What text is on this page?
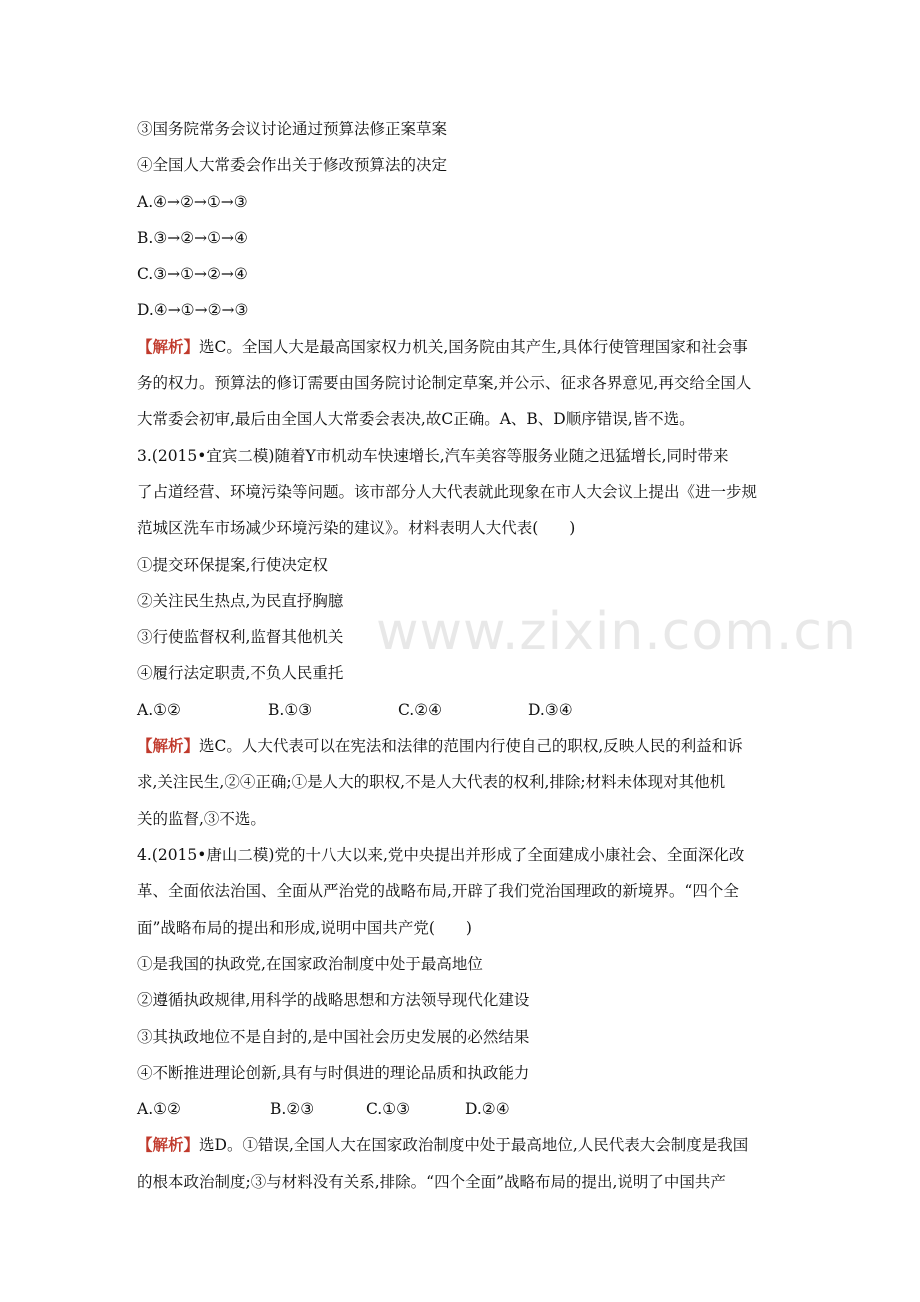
③国务院常务会议讨论通过预算法修正案草案
④全国人大常委会作出关于修改预算法的决定
A.④→②→①→③
B.③→②→①→④
C.③→①→②→④
D.④→①→②→③
【解析】选C。全国人大是最高国家权力机关,国务院由其产生,具体行使管理国家和社会事
务的权力。预算法的修订需要由国务院讨论制定草案,并公示、征求各界意见,再交给全国人
大常委会初审,最后由全国人大常委会表决,故C正确。A、B、D顺序错误,皆不选。
3.(2015•宜宾二模)随着Y市机动车快速增长,汽车美容等服务业随之迅猛增长,同时带来
了占道经营、环境污染等问题。该市部分人大代表就此现象在市人大会议上提出《进一步规
范城区洗车市场减少环境污染的建议》。材料表明人大代表(　　)
①提交环保提案,行使决定权
②关注民生热点,为民直抒胸臆
③行使监督权利,监督其他机关
④履行法定职责,不负人民重托
A.①②	B.①③	C.②④	D.③④
【解析】选C。人大代表可以在宪法和法律的范围内行使自己的职权,反映人民的利益和诉
求,关注民生,②④正确;①是人大的职权,不是人大代表的权利,排除;材料未体现对其他机
关的监督,③不选。
4.(2015•唐山二模)党的十八大以来,党中央提出并形成了全面建成小康社会、全面深化改
革、全面依法治国、全面从严治党的战略布局,开辟了我们党治国理政的新境界。“四个全
面”战略布局的提出和形成,说明中国共产党(　　)
①是我国的执政党,在国家政治制度中处于最高地位
②遵循执政规律,用科学的战略思想和方法领导现代化建设
③其执政地位不是自封的,是中国社会历史发展的必然结果
④不断推进理论创新,具有与时俱进的理论品质和执政能力
A.①②	B.②③	C.①③	D.②④
【解析】选D。①错误,全国人大在国家政治制度中处于最高地位,人民代表大会制度是我国
的根本政治制度;③与材料没有关系,排除。“四个全面”战略布局的提出,说明了中国共产
www.zixin.com.cn
